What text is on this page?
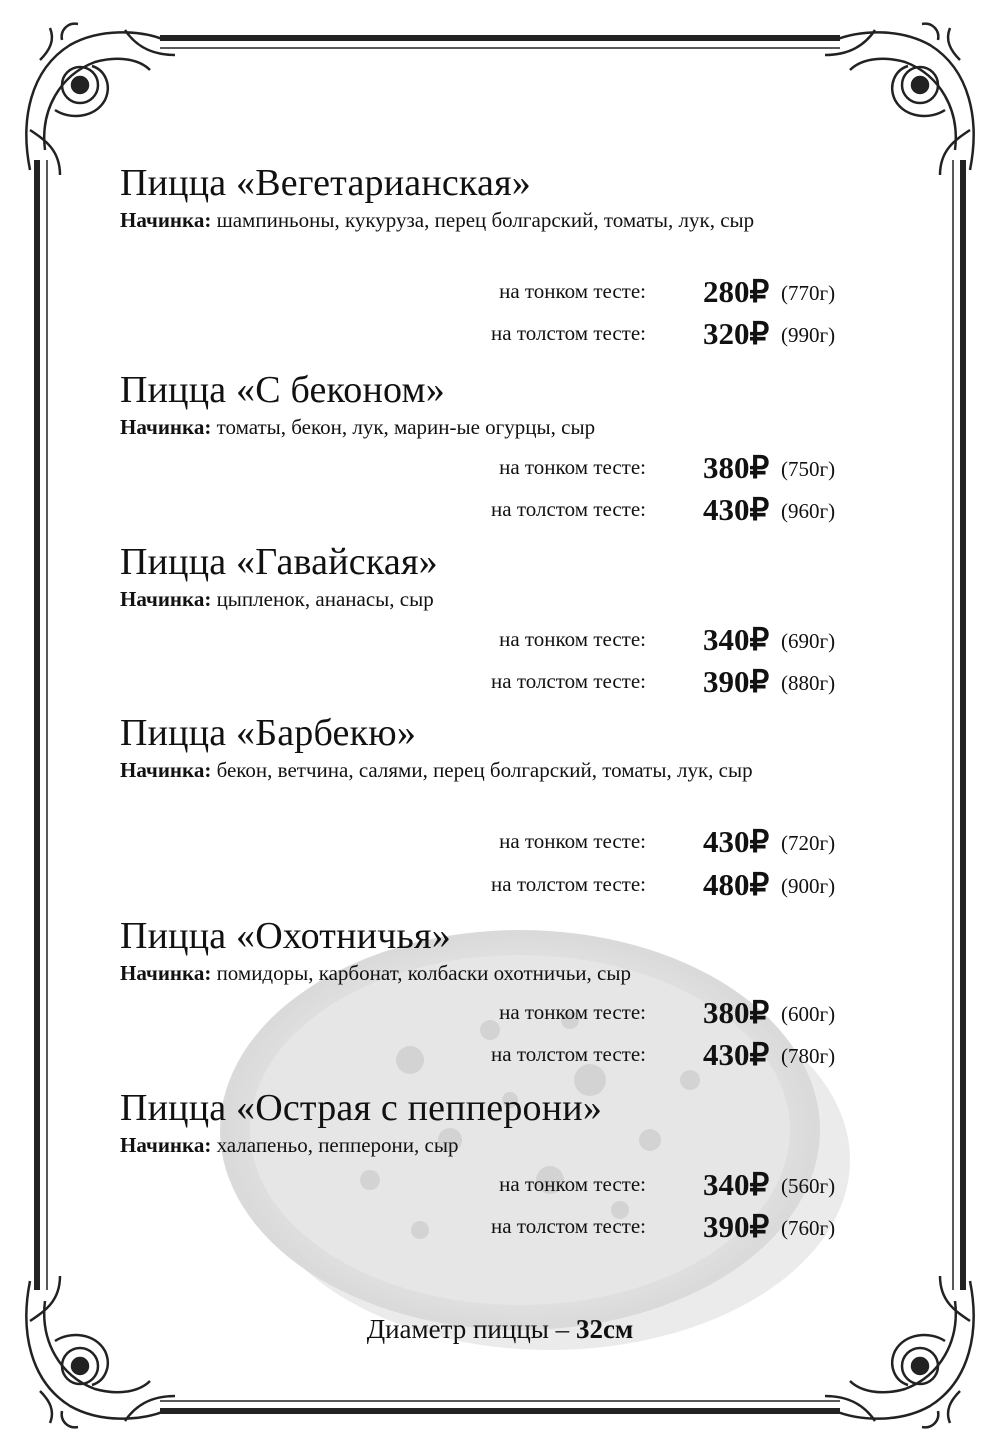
Пицца «Вегетарианская»

Начинка: шампиньоны, кукуруза, перец болгарский, томаты, лук, сыр

на тонком тесте: 280₽ (770г)
на толстом тесте: 320₽ (990г)
Пицца «С беконом»

Начинка: томаты, бекон, лук, марин-ые огурцы, сыр

на тонком тесте: 380₽ (750г)
на толстом тесте: 430₽ (960г)
Пицца «Гавайская»

Начинка: цыпленок, ананасы, сыр

на тонком тесте: 340₽ (690г)
на толстом тесте: 390₽ (880г)
Пицца «Барбекю»

Начинка: бекон, ветчина, салями, перец болгарский, томаты, лук, сыр

на тонком тесте: 430₽ (720г)
на толстом тесте: 480₽ (900г)
Пицца «Охотничья»

Начинка: помидоры, карбонат, колбаски охотничьи, сыр

на тонком тесте: 380₽ (600г)
на толстом тесте: 430₽ (780г)
Пицца «Острая с пепперони»

Начинка: халапеньо, пепперони, сыр

на тонком тесте: 340₽ (560г)
на толстом тесте: 390₽ (760г)
Диаметр пиццы – 32см
